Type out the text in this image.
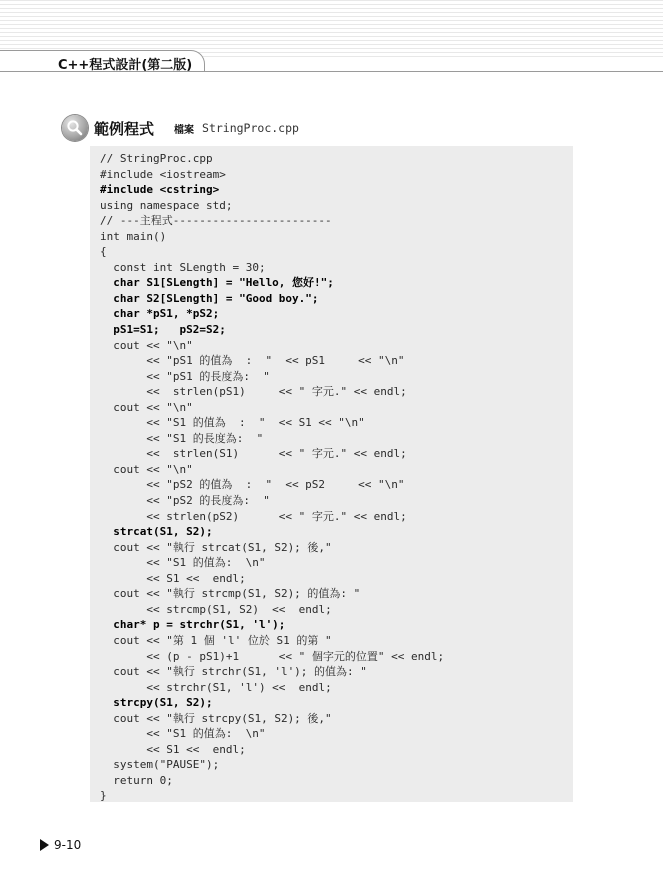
C++程式設計(第二版)
範例程式 檔案 StringProc.cpp
// StringProc.cpp
#include <iostream>
#include <cstring>
using namespace std;
// ---主程式------------------------
int main()
{
const int SLength = 30;
char S1[SLength] = "Hello, 您好!";
char S2[SLength] = "Good boy.";
char *pS1, *pS2;
pS1=S1;   pS2=S2;
cout << "\n"
<< "pS1 的值為  :  "  << pS1     << "\n"
<< "pS1 的長度為:  "
<<  strlen(pS1)     << " 字元." << endl;
cout << "\n"
<< "S1 的值為  :  "  << S1 << "\n"
<< "S1 的長度為:  "
<<  strlen(S1)      << " 字元." << endl;
cout << "\n"
<< "pS2 的值為  :  "  << pS2     << "\n"
<< "pS2 的長度為:  "
<< strlen(pS2)      << " 字元." << endl;
strcat(S1, S2);
cout << "執行 strcat(S1, S2); 後,"
<< "S1 的值為:  \n"
<< S1 <<  endl;
cout << "執行 strcmp(S1, S2); 的值為: "
<< strcmp(S1, S2)  <<  endl;
char* p = strchr(S1, 'l');
cout << "第 1 個 'l' 位於 S1 的第 "
<< (p - pS1)+1      << " 個字元的位置" << endl;
cout << "執行 strchr(S1, 'l'); 的值為: "
<< strchr(S1, 'l') <<  endl;
strcpy(S1, S2);
cout << "執行 strcpy(S1, S2); 後,"
<< "S1 的值為:  \n"
<< S1 <<  endl;
system("PAUSE");
return 0;
}
9-10
